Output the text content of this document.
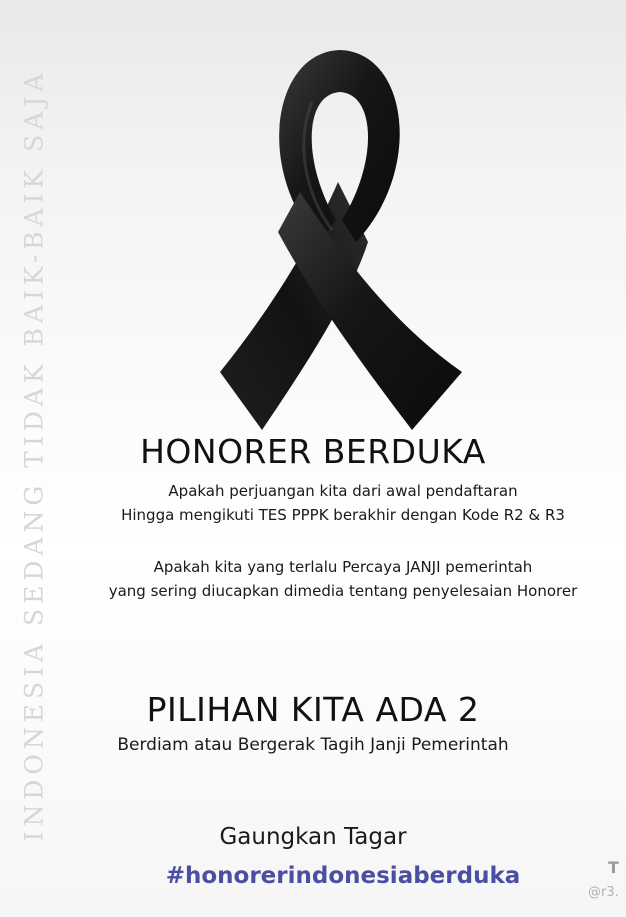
INDONESIA SEDANG TIDAK BAIK-BAIK SAJA	HONORER BERDUKA
Apakah perjuangan kita dari awal pendaftaran
Hingga mengikuti TES PPPK berakhir dengan Kode R2 & R3
Apakah kita yang terlalu Percaya JANJI pemerintah
yang sering diucapkan dimedia tentang penyelesaian Honorer
PILIHAN KITA ADA 2
Berdiam atau Bergerak Tagih Janji Pemerintah
Gaungkan Tagar
#honorerindonesiaberduka	T
@r3.
